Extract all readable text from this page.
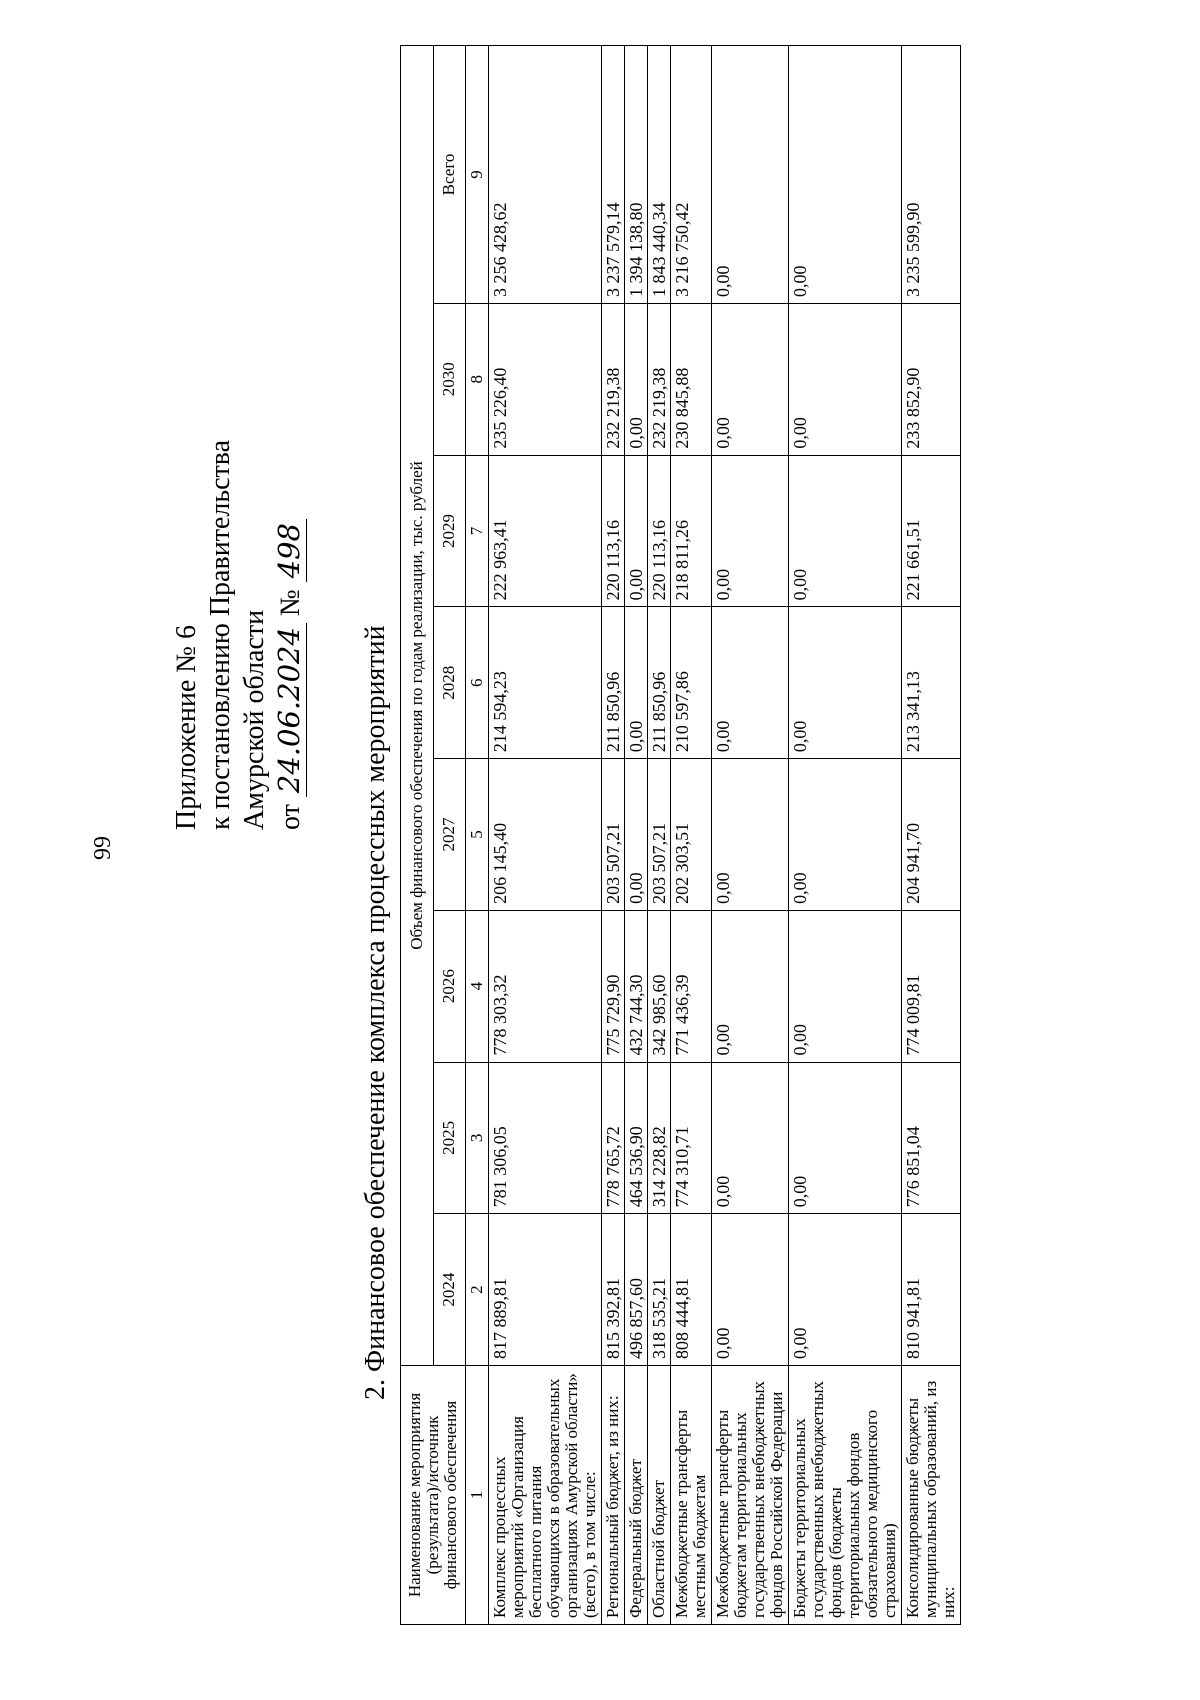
99
Приложение № 6 к постановлению Правительства Амурской области от 24.06.2024 № 498
2. Финансовое обеспечение комплекса процессных мероприятий
Наименование мероприятия (результата)/источник финансового обеспечения	Объем финансового обеспечения по годам реализации, тыс. рублей							
	2024	2025	2026	2027	2028	2029	2030	Всего
1	2	3	4	5	6	7	8	9
Комплекс процессных мероприятий «Организация бесплатного питания обучающихся в образовательных организациях Амурской области» (всего), в том числе:	817 889,81	781 306,05	778 303,32	206 145,40	214 594,23	222 963,41	235 226,40	3 256 428,62
Региональный бюджет, из них:	815 392,81	778 765,72	775 729,90	203 507,21	211 850,96	220 113,16	232 219,38	3 237 579,14
Федеральный бюджет	496 857,60	464 536,90	432 744,30	0,00	0,00	0,00	0,00	1 394 138,80
Областной бюджет	318 535,21	314 228,82	342 985,60	203 507,21	211 850,96	220 113,16	232 219,38	1 843 440,34
Межбюджетные трансферты местным бюджетам	808 444,81	774 310,71	771 436,39	202 303,51	210 597,86	218 811,26	230 845,88	3 216 750,42
Межбюджетные трансферты бюджетам территориальных государственных внебюджетных фондов Российской Федерации	0,00	0,00	0,00	0,00	0,00	0,00	0,00	0,00
Бюджеты территориальных государственных внебюджетных фондов (бюджеты территориальных фондов обязательного медицинского страхования)	0,00	0,00	0,00	0,00	0,00	0,00	0,00	0,00
Консолидированные бюджеты муниципальных образований, из них:	810 941,81	776 851,04	774 009,81	204 941,70	213 341,13	221 661,51	233 852,90	3 235 599,90
